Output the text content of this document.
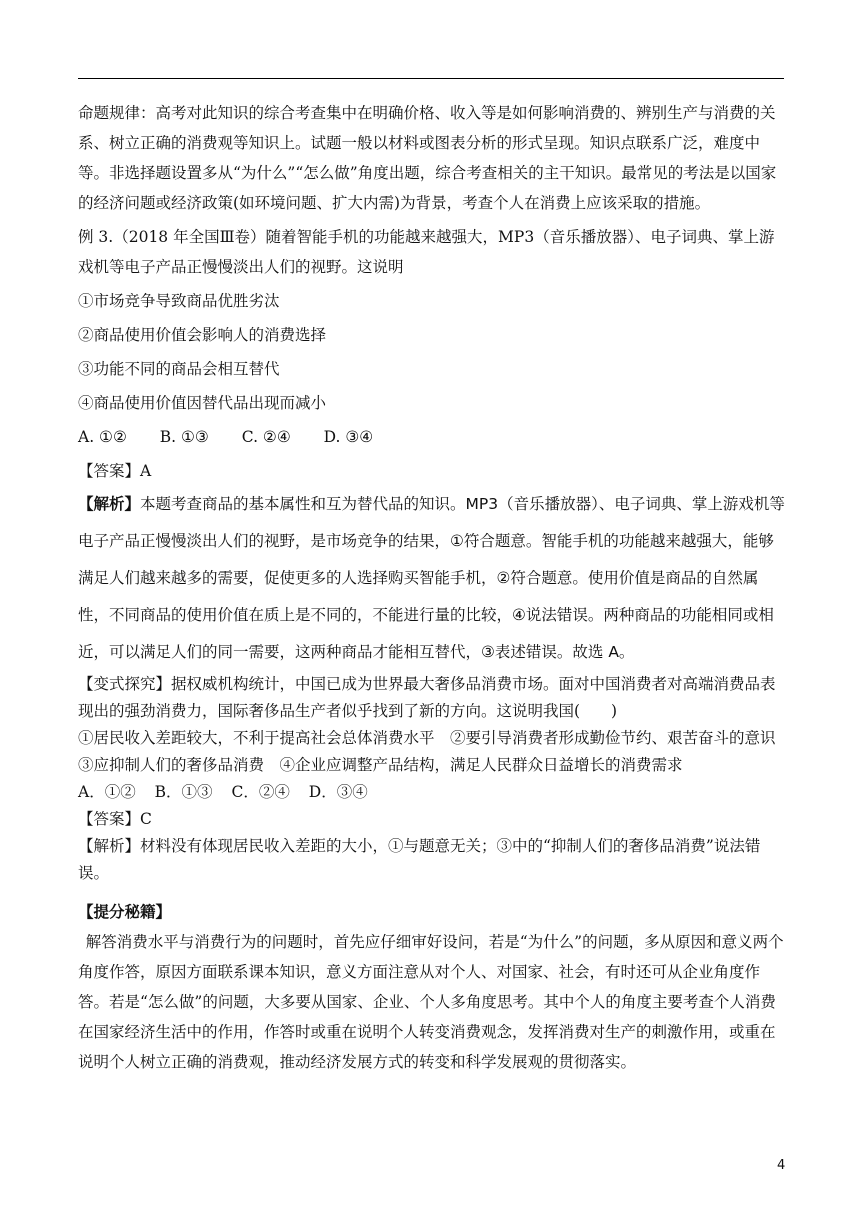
命题规律：高考对此知识的综合考查集中在明确价格、收入等是如何影响消费的、辨别生产与消费的关系、树立正确的消费观等知识上。试题一般以材料或图表分析的形式呈现。知识点联系广泛，难度中等。非选择题设置多从“为什么”“怎么做”角度出题，综合考查相关的主干知识。最常见的考法是以国家的经济问题或经济政策(如环境问题、扩大内需)为背景，考查个人在消费上应该采取的措施。

例 3.（2018 年全国Ⅲ卷）随着智能手机的功能越来越强大，MP3（音乐播放器）、电子词典、掌上游戏机等电子产品正慢慢淡出人们的视野。这说明

①市场竞争导致商品优胜劣汰

②商品使用价值会影响人的消费选择

③功能不同的商品会相互替代

④商品使用价值因替代品出现而减小

A. ①② B. ①③ C. ②④ D. ③④

【答案】A

【解析】本题考查商品的基本属性和互为替代品的知识。MP3（音乐播放器）、电子词典、掌上游戏机等电子产品正慢慢淡出人们的视野，是市场竞争的结果，①符合题意。智能手机的功能越来越强大，能够满足人们越来越多的需要，促使更多的人选择购买智能手机，②符合题意。使用价值是商品的自然属性，不同商品的使用价值在质上是不同的，不能进行量的比较，④说法错误。两种商品的功能相同或相近，可以满足人们的同一需要，这两种商品才能相互替代，③表述错误。故选 A。

【变式探究】据权威机构统计，中国已成为世界最大奢侈品消费市场。面对中国消费者对高端消费品表现出的强劲消费力，国际奢侈品生产者似乎找到了新的方向。这说明我国(　　)

①居民收入差距较大，不利于提高社会总体消费水平　②要引导消费者形成勤俭节约、艰苦奋斗的意识　③应抑制人们的奢侈品消费　④企业应调整产品结构，满足人民群众日益增长的消费需求

A．①② B．①③ C．②④ D．③④

【答案】C

【解析】材料没有体现居民收入差距的大小，①与题意无关；③中的“抑制人们的奢侈品消费”说法错误。

【提分秘籍】

解答消费水平与消费行为的问题时，首先应仔细审好设问，若是“为什么”的问题，多从原因和意义两个角度作答，原因方面联系课本知识，意义方面注意从对个人、对国家、社会，有时还可从企业角度作答。若是“怎么做”的问题，大多要从国家、企业、个人多角度思考。其中个人的角度主要考查个人消费在国家经济生活中的作用，作答时或重在说明个人转变消费观念，发挥消费对生产的刺激作用，或重在说明个人树立正确的消费观，推动经济发展方式的转变和科学发展观的贯彻落实。

4
